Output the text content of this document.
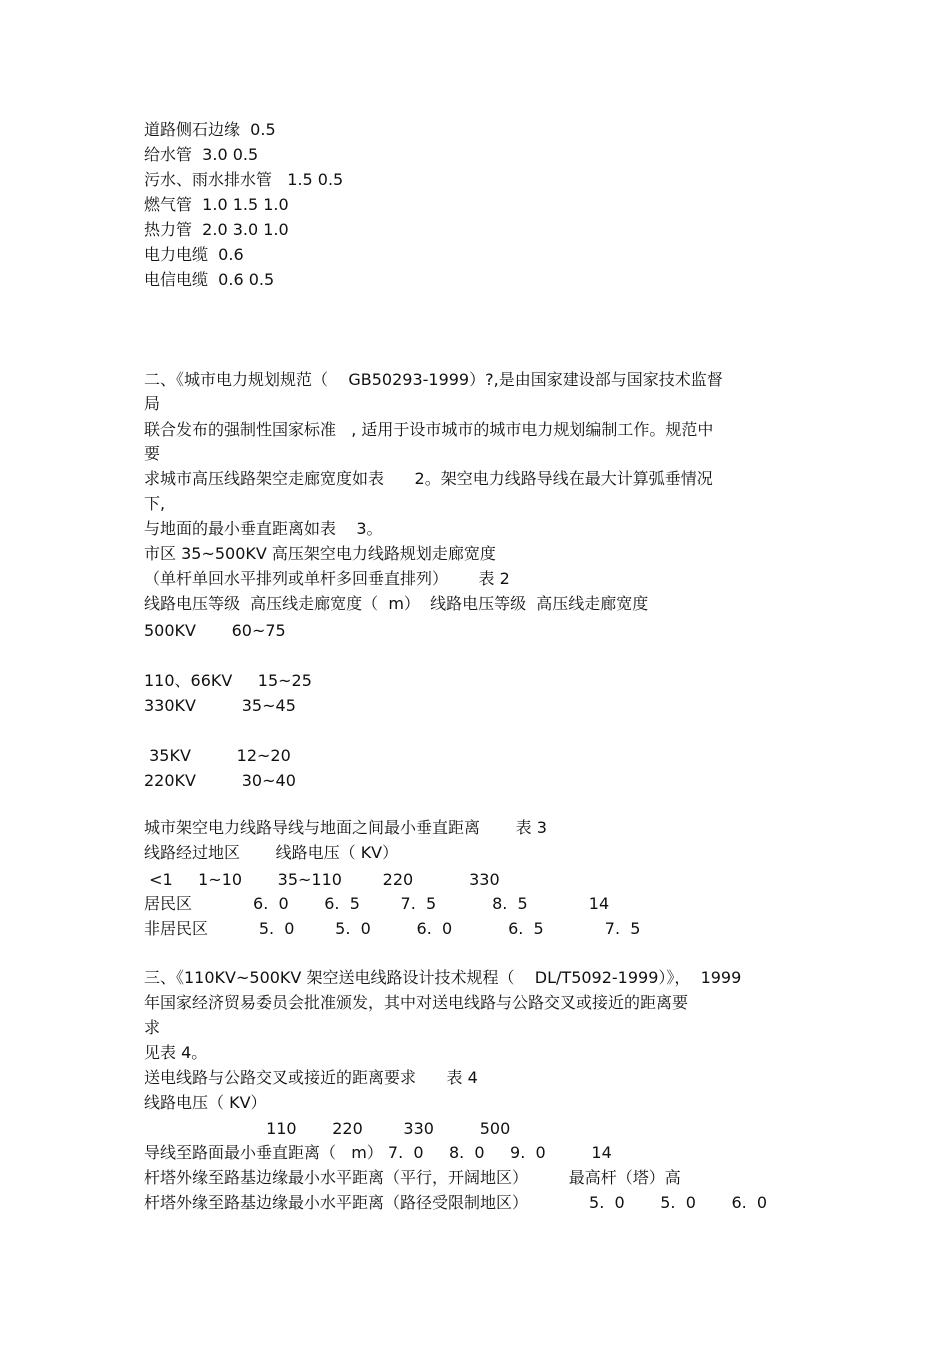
道路侧石边缘  0.5

给水管  3.0 0.5

污水、雨水排水管   1.5 0.5

燃气管  1.0 1.5 1.0

热力管  2.0 3.0 1.0

电力电缆  0.6

电信电缆  0.6 0.5

二、《城市电力规划规范（    GB50293-1999）?,是由国家建设部与国家技术监督

局

联合发布的强制性国家标准   , 适用于设市城市的城市电力规划编制工作。规范中

要

求城市高压线路架空走廊宽度如表      2。架空电力线路导线在最大计算弧垂情况

下,

与地面的最小垂直距离如表    3。

市区 35~500KV 高压架空电力线路规划走廊宽度

（单杆单回水平排列或单杆多回垂直排列）      表 2

线路电压等级  高压线走廊宽度（  m）  线路电压等级  高压线走廊宽度

500KV       60~75

110、66KV     15~25

330KV         35~45

35KV         12~20

220KV         30~40

城市架空电力线路导线与地面之间最小垂直距离       表 3

线路经过地区       线路电压（ KV）

<1     1~10       35~110        220           330

居民区            6.  0       6.  5        7.  5           8.  5            14

非居民区          5.  0        5.  0         6.  0           6.  5            7.  5

三、《110KV~500KV 架空送电线路设计技术规程（    DL/T5092-1999）》，  1999

年国家经济贸易委员会批准颁发，其中对送电线路与公路交叉或接近的距离要

求

见表 4。

送电线路与公路交叉或接近的距离要求      表 4

线路电压（ KV）

110       220        330         500

导线至路面最小垂直距离（   m） 7.  0     8.  0     9.  0         14

杆塔外缘至路基边缘最小水平距离（平行，开阔地区）        最高杆（塔）高

杆塔外缘至路基边缘最小水平距离（路径受限制地区）            5.  0       5.  0       6.  0
